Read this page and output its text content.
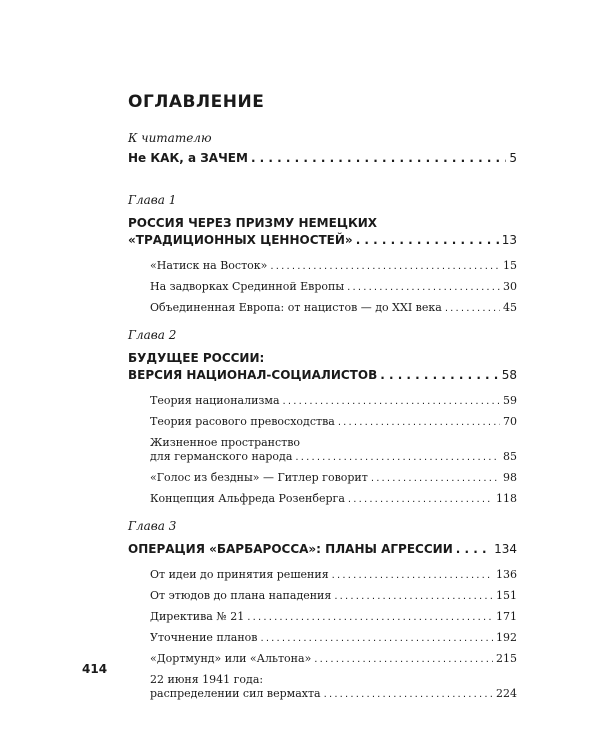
ОГЛАВЛЕНИЕ
К читателю
Не КАК, а ЗАЧЕМ . . .	5
Глава 1
РОССИЯ ЧЕРЕЗ ПРИЗМУ НЕМЕЦКИХ
«ТРАДИЦИОННЫХ ЦЕННОСТЕЙ» . . .	13
«Натиск на Восток» . . .	15
На задворках Срединной Европы . . .	30
Объединенная Европа: от нацистов — до XXI века . . .	45
Глава 2
БУДУЩЕЕ РОССИИ:
ВЕРСИЯ НАЦИОНАЛ-СОЦИАЛИСТОВ . . .	58
Теория национализма . . .	59
Теория расового превосходства . . .	70
Жизненное пространство
для германского народа . . .	85
«Голос из бездны» — Гитлер говорит . . .	98
Концепция Альфреда Розенберга . . .	118
Глава 3
ОПЕРАЦИЯ «БАРБАРОССА»: ПЛАНЫ АГРЕССИИ . . .	134
От идеи до принятия решения . . .	136
От этюдов до плана нападения . . .	151
Директива № 21 . . .	171
Уточнение планов . . .	192
«Дортмунд» или «Альтона» . . .	215
22 июня 1941 года:
распределении сил вермахта . . .	224
414
